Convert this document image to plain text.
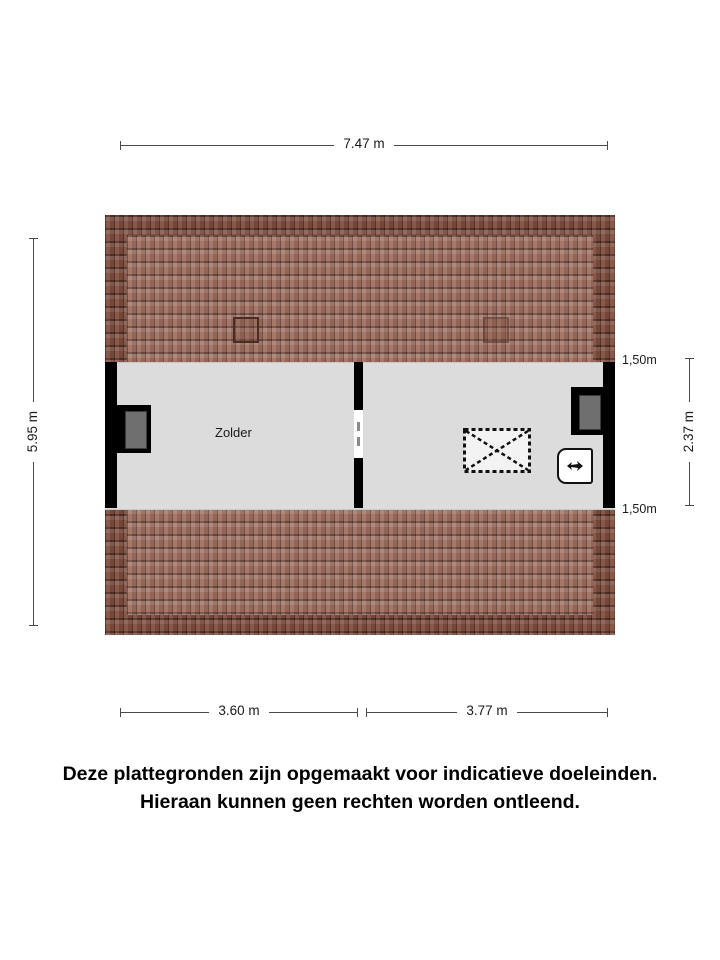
7.47 m
5.95 m	2.37 m
1,50m
1,50m
3.60 m	3.77 m
Zolder
Deze plattegronden zijn opgemaakt voor indicatieve doeleinden.
Hieraan kunnen geen rechten worden ontleend.
